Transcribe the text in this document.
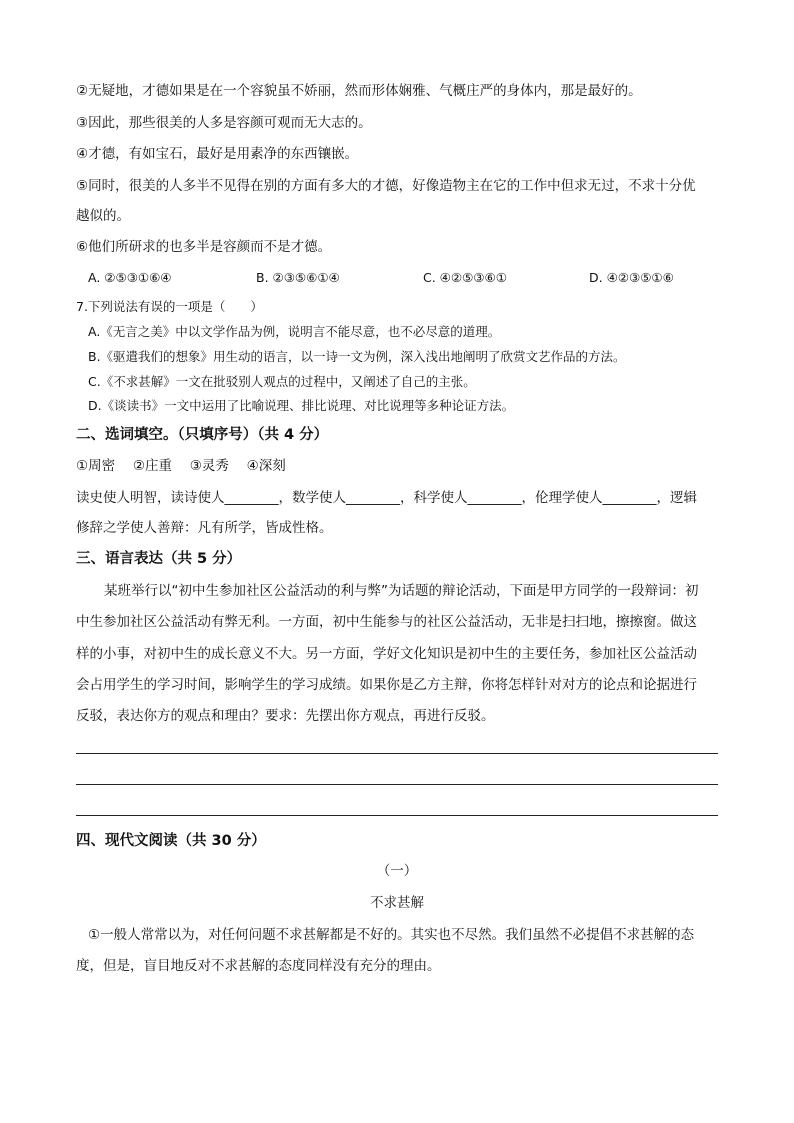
②无疑地，才德如果是在一个容貌虽不娇丽，然而形体娴雅、气概庄严的身体内，那是最好的。
③因此，那些很美的人多是容颜可观而无大志的。
④才德，有如宝石，最好是用素净的东西镶嵌。
⑤同时，很美的人多半不见得在别的方面有多大的才德，好像造物主在它的工作中但求无过，不求十分优
越似的。
⑥他们所研求的也多半是容颜而不是才德。
A. ②⑤③①⑥④	B. ②③⑤⑥①④	C. ④②⑤③⑥①	D. ④②③⑤①⑥
7.下列说法有误的一项是（　　）
A.《无言之美》中以文学作品为例，说明言不能尽意，也不必尽意的道理。
B.《驱遣我们的想象》用生动的语言，以一诗一文为例，深入浅出地阐明了欣赏文艺作品的方法。
C.《不求甚解》一文在批驳别人观点的过程中，又阐述了自己的主张。
D.《谈读书》一文中运用了比喻说理、排比说理、对比说理等多种论证方法。
二、选词填空。（只填序号）（共 4 分）
①周密　 ②庄重　 ③灵秀　 ④深刻
读史使人明智，读诗使人________，数学使人________，科学使人________，伦理学使人________，逻辑
修辞之学使人善辩：凡有所学，皆成性格。
三、语言表达（共 5 分）
某班举行以“初中生参加社区公益活动的利与弊”为话题的辩论活动，下面是甲方同学的一段辩词：初
中生参加社区公益活动有弊无利。一方面，初中生能参与的社区公益活动，无非是扫扫地，擦擦窗。做这
样的小事，对初中生的成长意义不大。另一方面，学好文化知识是初中生的主要任务，参加社区公益活动
会占用学生的学习时间，影响学生的学习成绩。如果你是乙方主辩，你将怎样针对对方的论点和论据进行
反驳，表达你方的观点和理由？要求：先摆出你方观点，再进行反驳。
四、现代文阅读（共 30 分）
（一）
不求甚解
①一般人常常以为，对任何问题不求甚解都是不好的。其实也不尽然。我们虽然不必提倡不求甚解的态
度，但是，盲目地反对不求甚解的态度同样没有充分的理由。
